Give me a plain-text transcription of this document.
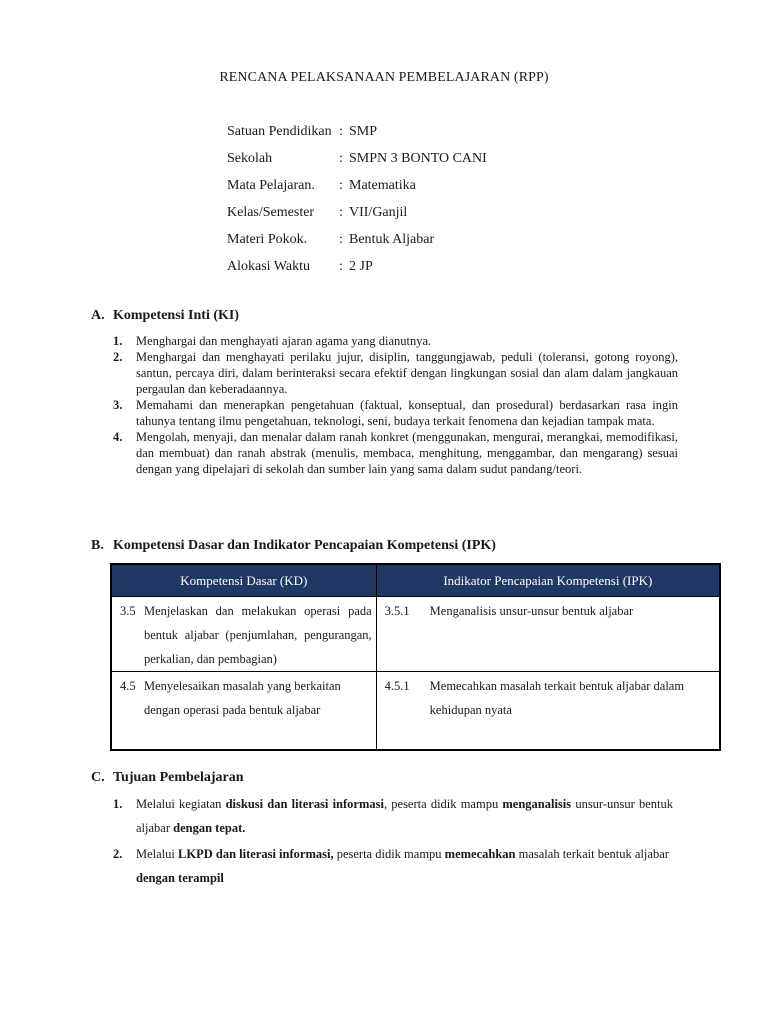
RENCANA PELAKSANAAN PEMBELAJARAN (RPP)
Satuan Pendidikan : SMP
Sekolah	: SMPN 3 BONTO CANI
Mata Pelajaran.	: Matematika
Kelas/Semester	: VII/Ganjil
Materi Pokok.	: Bentuk Aljabar
Alokasi Waktu	: 2 JP
A. Kompetensi Inti (KI)
1.	Menghargai dan menghayati ajaran agama yang dianutnya.
2.	Menghargai dan menghayati perilaku jujur, disiplin, tanggungjawab, peduli (toleransi, gotong royong), santun, percaya diri, dalam berinteraksi secara efektif dengan lingkungan sosial dan alam dalam jangkauan pergaulan dan keberadaannya.
3.	Memahami dan menerapkan pengetahuan (faktual, konseptual, dan prosedural) berdasarkan rasa ingin tahunya tentang ilmu pengetahuan, teknologi, seni, budaya terkait fenomena dan kejadian tampak mata.
4.	Mengolah, menyaji, dan menalar dalam ranah konkret (menggunakan, mengurai, merangkai, memodifikasi, dan membuat) dan ranah abstrak (menulis, membaca, menghitung, menggambar, dan mengarang) sesuai dengan yang dipelajari di sekolah dan sumber lain yang sama dalam sudut pandang/teori.
B. Kompetensi Dasar dan Indikator Pencapaian Kompetensi (IPK)
Kompetensi Dasar (KD)	Indikator Pencapaian Kompetensi (IPK)

3.5 Menjelaskan dan melakukan operasi pada bentuk aljabar (penjumlahan, pengurangan, perkalian, dan pembagian)	3.5.1 Menganalisis unsur-unsur bentuk aljabar

4.5 Menyelesaikan masalah yang berkaitan dengan operasi pada bentuk aljabar	4.5.1 Memecahkan masalah terkait bentuk aljabar dalam kehidupan nyata
C. Tujuan Pembelajaran
1.	Melalui kegiatan diskusi dan literasi informasi, peserta didik mampu menganalisis unsur-unsur bentuk aljabar dengan tepat.
2.	Melalui LKPD dan literasi informasi, peserta didik mampu memecahkan masalah terkait bentuk aljabar dengan terampil
